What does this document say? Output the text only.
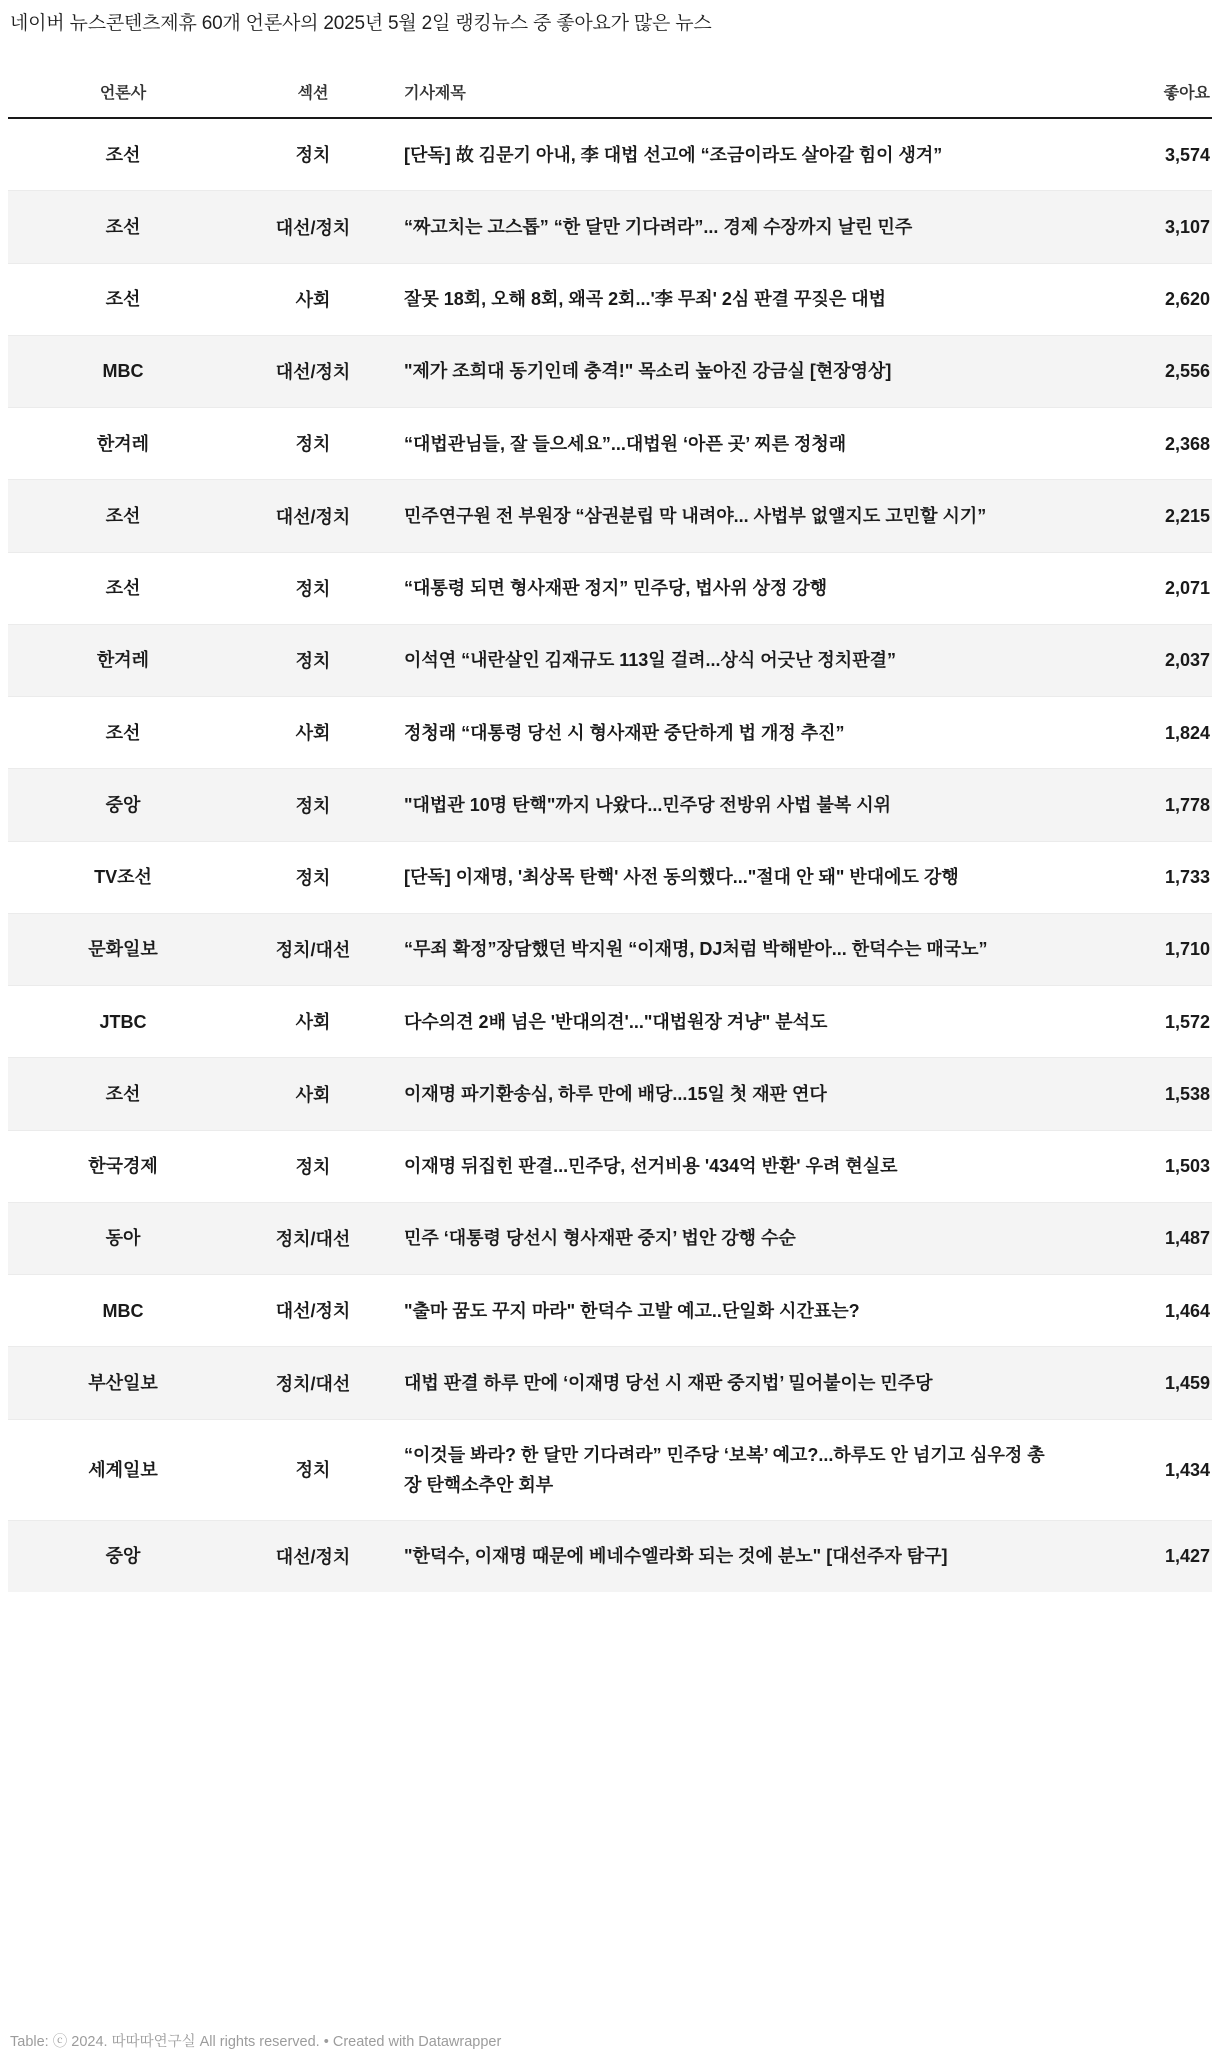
네이버 뉴스콘텐츠제휴 60개 언론사의 2025년 5월 2일 랭킹뉴스 중 좋아요가 많은 뉴스
언론사	섹션	기사제목	좋아요
조선	정치	[단독] 故 김문기 아내, 李 대법 선고에 “조금이라도 살아갈 힘이 생겨”	3,574
조선	대선/정치	“짜고치는 고스톱” “한 달만 기다려라”... 경제 수장까지 날린 민주	3,107
조선	사회	잘못 18회, 오해 8회, 왜곡 2회...'李 무죄' 2심 판결 꾸짖은 대법	2,620
MBC	대선/정치	"제가 조희대 동기인데 충격!" 목소리 높아진 강금실 [현장영상]	2,556
한겨레	정치	“대법관님들, 잘 들으세요”...대법원 ‘아픈 곳’ 찌른 정청래	2,368
조선	대선/정치	민주연구원 전 부원장 “삼권분립 막 내려야... 사법부 없앨지도 고민할 시기”	2,215
조선	정치	“대통령 되면 형사재판 정지” 민주당, 법사위 상정 강행	2,071
한겨레	정치	이석연 “내란살인 김재규도 113일 걸려...상식 어긋난 정치판결”	2,037
조선	사회	정청래 “대통령 당선 시 형사재판 중단하게 법 개정 추진”	1,824
중앙	정치	"대법관 10명 탄핵"까지 나왔다...민주당 전방위 사법 불복 시위	1,778
TV조선	정치	[단독] 이재명, '최상목 탄핵' 사전 동의했다..."절대 안 돼" 반대에도 강행	1,733
문화일보	정치/대선	“무죄 확정”장담했던 박지원 “이재명, DJ처럼 박해받아... 한덕수는 매국노”	1,710
JTBC	사회	다수의견 2배 넘은 '반대의견'..."대법원장 겨냥" 분석도	1,572
조선	사회	이재명 파기환송심, 하루 만에 배당...15일 첫 재판 연다	1,538
한국경제	정치	이재명 뒤집힌 판결...민주당, 선거비용 '434억 반환' 우려 현실로	1,503
동아	정치/대선	민주 ‘대통령 당선시 형사재판 중지’ 법안 강행 수순	1,487
MBC	대선/정치	"출마 꿈도 꾸지 마라" 한덕수 고발 예고..단일화 시간표는?	1,464
부산일보	정치/대선	대법 판결 하루 만에 ‘이재명 당선 시 재판 중지법’ 밀어붙이는 민주당	1,459
세계일보	정치	“이것들 봐라? 한 달만 기다려라” 민주당 ‘보복’ 예고?...하루도 안 넘기고 심우정 총장 탄핵소추안 회부	1,434
중앙	대선/정치	"한덕수, 이재명 때문에 베네수엘라화 되는 것에 분노" [대선주자 탐구]	1,427
Table: ⓒ 2024. 따따따연구실 All rights reserved. • Created with Datawrapper
